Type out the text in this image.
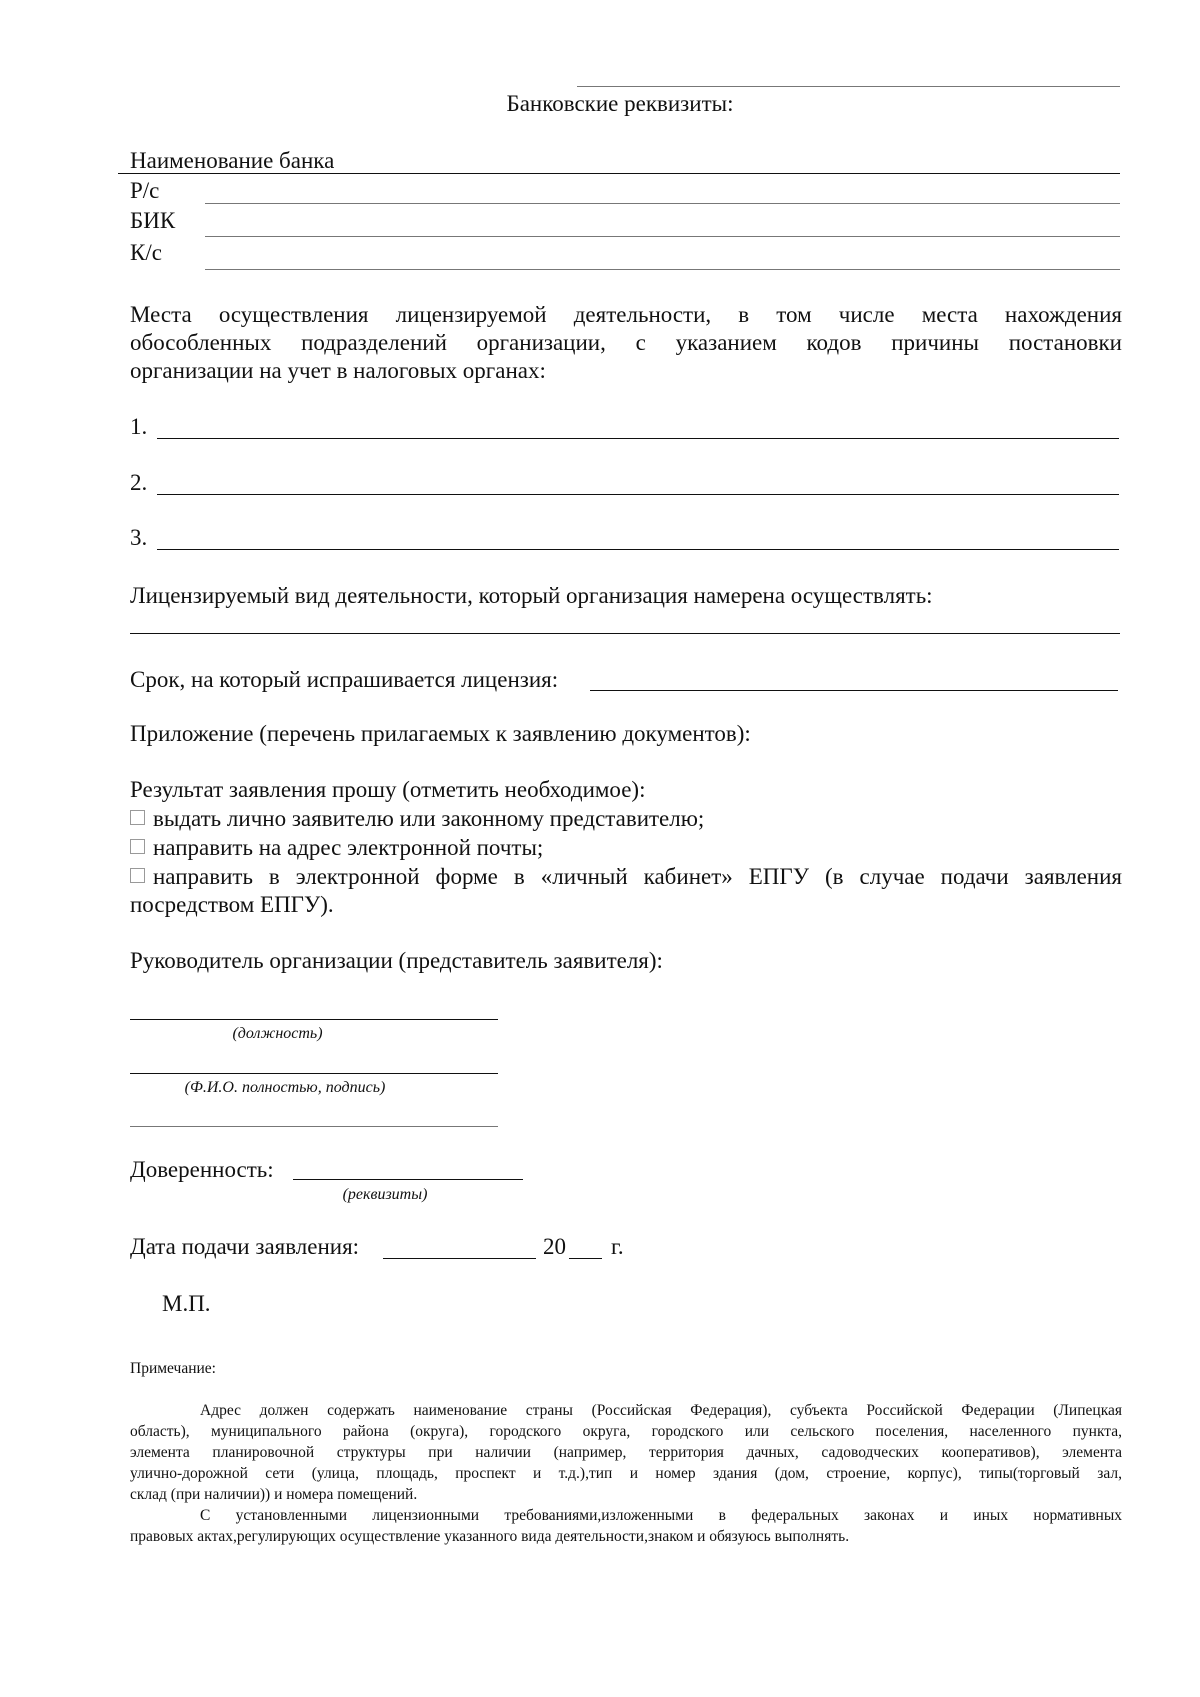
Банковские реквизиты:
Наименование банка
Р/с
БИК
К/с
Места осуществления лицензируемой деятельности, в том числе места нахождения
обособленных подразделений организации, с указанием кодов причины постановки
организации на учет в налоговых органах:
1.
2.
3.
Лицензируемый вид деятельности, который организация намерена осуществлять:
Срок, на который испрашивается лицензия:
Приложение (перечень прилагаемых к заявлению документов):
Результат заявления прошу (отметить необходимое):
выдать лично заявителю или законному представителю;
направить на адрес электронной почты;
направить в электронной форме в «личный кабинет» ЕПГУ (в случае подачи заявления
посредством ЕПГУ).
Руководитель организации (представитель заявителя):
(должность)
(Ф.И.О. полностью, подпись)
Доверенность:
(реквизиты)
Дата подачи заявления:	20 г.
М.П.
Примечание:
Адрес должен содержать наименование страны (Российская Федерация), субъекта Российской Федерации (Липецкая
область), муниципального района (округа), городского округа, городского или сельского поселения, населенного пункта,
элемента планировочной структуры при наличии (например, территория дачных, садоводческих кооперативов), элемента
улично-дорожной сети (улица, площадь, проспект и т.д.),тип и номер здания (дом, строение, корпус), типы(торговый зал,
склад (при наличии)) и номера помещений.
С установленными лицензионными требованиями,изложенными в федеральных законах и иных нормативных
правовых актах,регулирующих осуществление указанного вида деятельности,знаком и обязуюсь выполнять.
